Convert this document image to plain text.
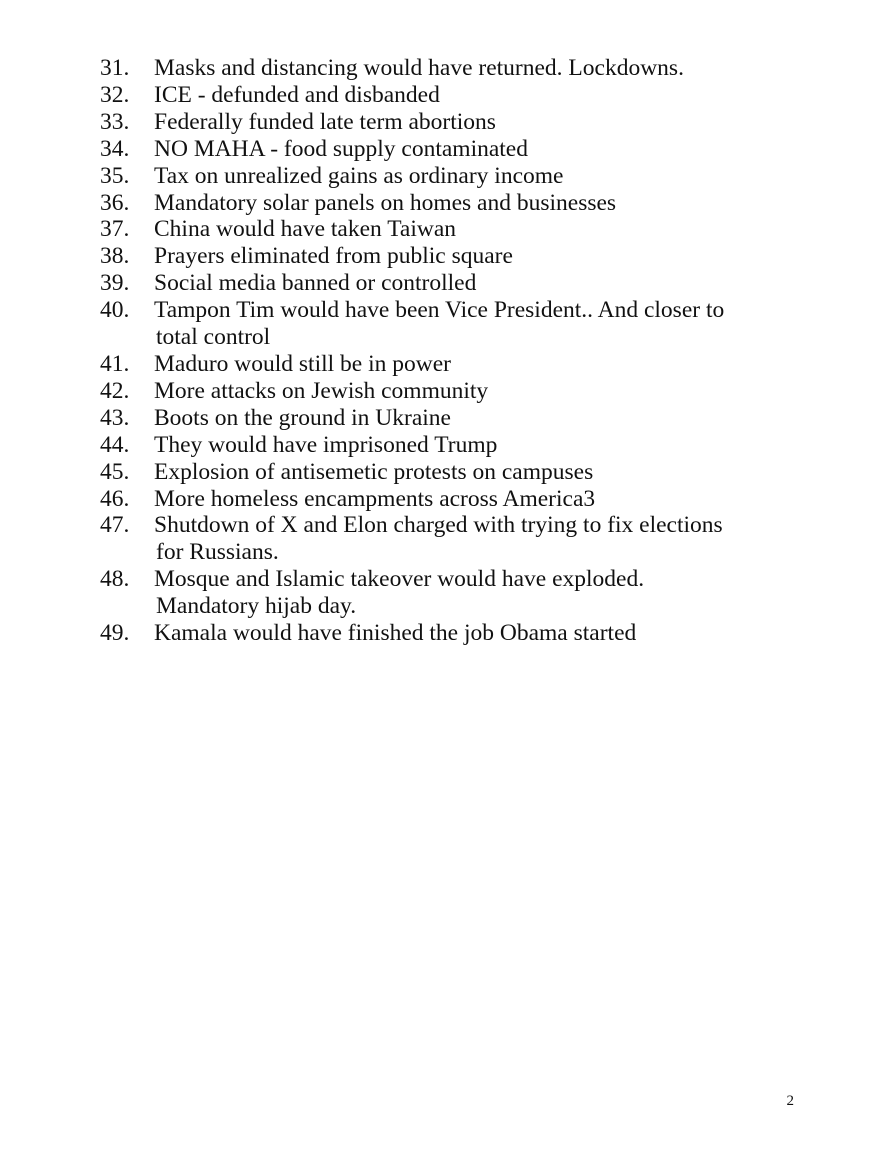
31.	Masks and distancing would have returned. Lockdowns.
32.	ICE - defunded and disbanded
33.	Federally funded late term abortions
34.	NO MAHA - food supply contaminated
35.	Tax on unrealized gains as ordinary income
36.	Mandatory solar panels on homes and businesses
37.	China would have taken Taiwan
38.	Prayers eliminated from public square
39.	Social media banned or controlled
40.	Tampon Tim would have been Vice President.. And closer to
total control
41.	Maduro would still be in power
42.	More attacks on Jewish community
43.	Boots on the ground in Ukraine
44.	They would have imprisoned Trump
45.	Explosion of antisemetic protests on campuses
46.	More homeless encampments across America3
47.	Shutdown of X and Elon charged with trying to fix elections
for Russians.
48.	Mosque and Islamic takeover would have exploded.
Mandatory hijab day.
49.	Kamala would have finished the job Obama started
2
